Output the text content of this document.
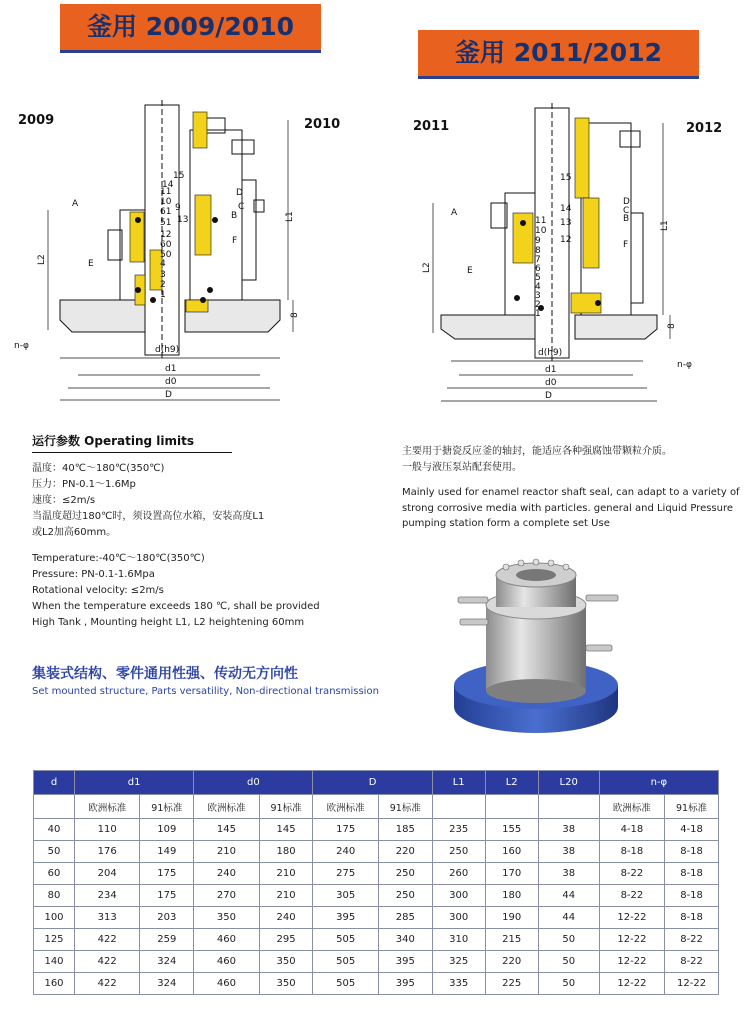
釜用 2009/2010
釜用 2011/2012
2009	2010	2011	2012
14
15
11
10
9
61
51 13
12
60
50
4
3
2
1
A
B
C
D
E
F
L1
L2
8
d(h9)
d1
d0
D
n-φ
15
14
13
12
11
10
9
8
7
6
5
4
3
2
1
A
B
C
D
E
F
L1
L2
8
d(h9)
d1
d0
D
n-φ
运行参数 Operating limits

温度：40℃～180℃(350℃)

压力：PN-0.1～1.6Mp

速度：≤2m/s

当温度超过180℃时，须设置高位水箱，安装高度L1

或L2加高60mm。

Temperature:-40℃～180℃(350℃)

Pressure: PN-0.1-1.6Mpa

Rotational velocity: ≤2m/s

When the temperature exceeds 180 ℃, shall be provided

High Tank , Mounting height L1, L2 heightening 60mm

主要用于搪瓷反应釜的轴封，能适应各种强腐蚀带颗粒介质。

一般与液压泵站配套使用。

Mainly used for enamel reactor shaft seal, can adapt to a variety of

strong corrosive media with particles. general and Liquid Pressure

pumping station form a complete set Use

集装式结构、零件通用性强、传动无方向性
Set mounted structure, Parts versatility, Non-directional transmission
d	d1		d0		D		L1	L2	L20	n-φ	
	欧洲标准	91标准	欧洲标准	91标准	欧洲标准	91标准				欧洲标准	91标准
40	110	109	145	145	175	185	235	155	38	4-18	4-18
50	176	149	210	180	240	220	250	160	38	8-18	8-18
60	204	175	240	210	275	250	260	170	38	8-22	8-18
80	234	175	270	210	305	250	300	180	44	8-22	8-18
100	313	203	350	240	395	285	300	190	44	12-22	8-18
125	422	259	460	295	505	340	310	215	50	12-22	8-22
140	422	324	460	350	505	395	325	220	50	12-22	8-22
160	422	324	460	350	505	395	335	225	50	12-22	12-22
